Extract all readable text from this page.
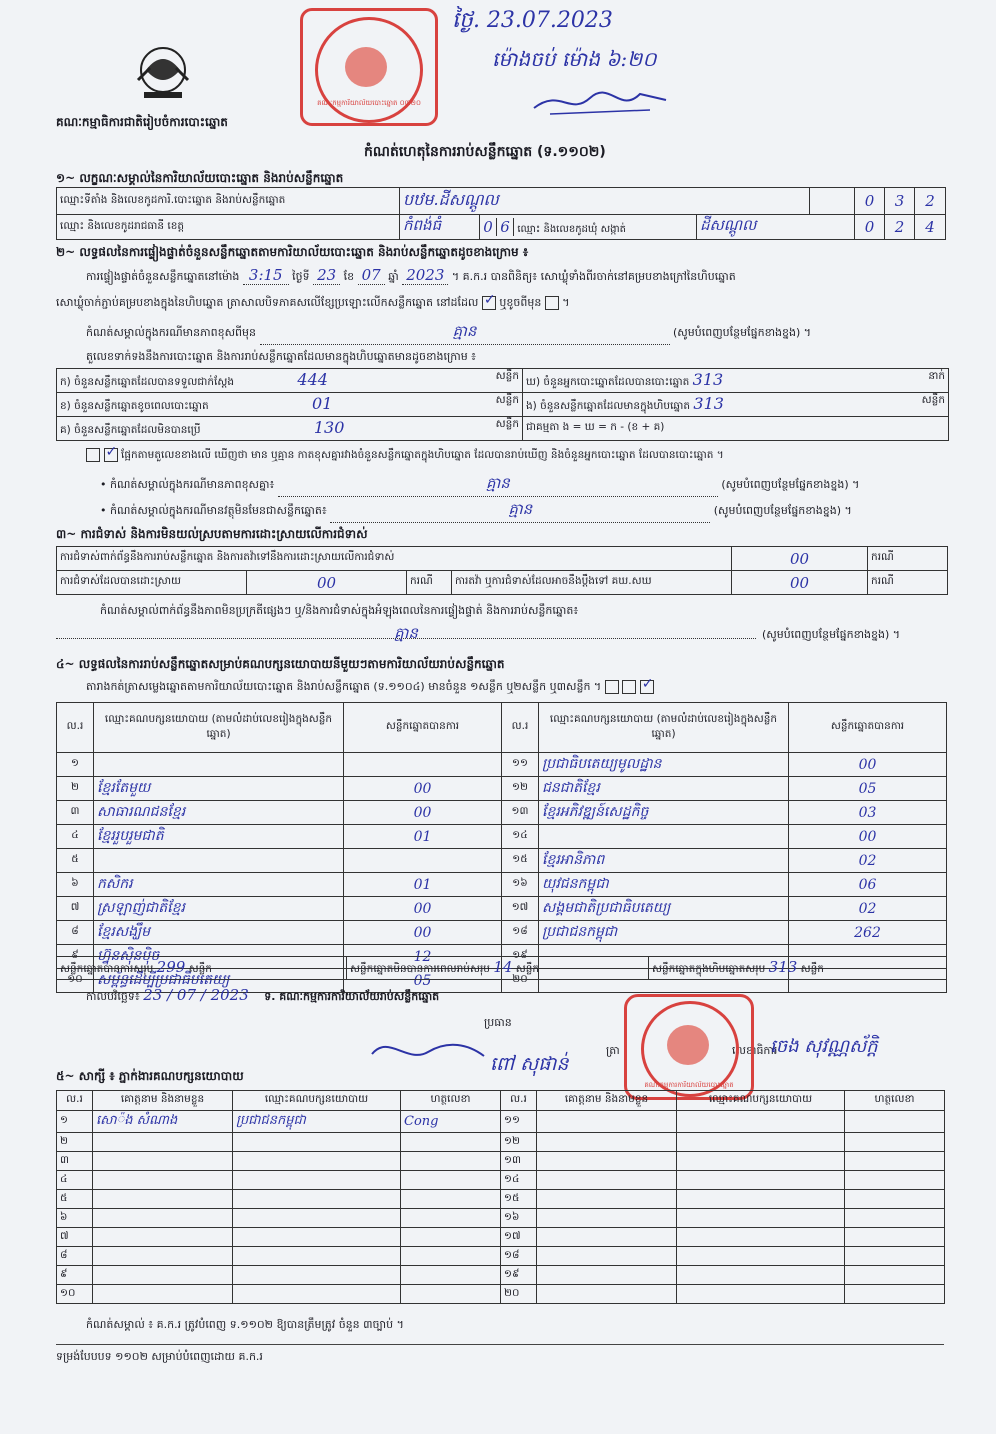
គណៈកម្មាធិការជាតិរៀបចំការបោះឆ្នោត
គណៈកម្មការិយាល័យបោះឆ្នោត ០៣២០
ថ្ងៃ. 23.07.2023
ម៉ោងចប់ ម៉ោង ៦:២០
កំណត់ហេតុនៃការរាប់សន្លឹកឆ្នោត (ទ.១១០២)
១~ លក្ខណៈសម្គាល់នៃការិយាល័យបោះឆ្នោត និងរាប់សន្លឹកឆ្នោត
ឈ្មោះទីតាំង និងលេខកូដការិ.បោះឆ្នោត និងរាប់សន្លឹកឆ្នោត	បឋម.ដីសណ្ដូល				0	3	2
ឈ្មោះ និងលេខកូដរាជធានី ខេត្ត	កំពង់ធំ	0 6 ឈ្មោះ និងលេខកូដឃុំ សង្កាត់	ដីសណ្ដូល		0	2	4
២~ លទ្ធផលនៃការផ្ទៀងផ្ទាត់ចំនួនសន្លឹកឆ្នោតតាមការិយាល័យបោះឆ្នោត និងរាប់សន្លឹកឆ្នោតដូចខាងក្រោម ៖
ការផ្ទៀងផ្ទាត់ចំនួនសន្លឹកឆ្នោតនៅម៉ោង 3:15 ថ្ងៃទី 23 ខែ 07 ឆ្នាំ 2023 ។ គ.ក.រ បានពិនិត្យ៖ សោឃ្លុំទាំងពីរចាក់នៅគម្របខាងក្រៅនៃហិបឆ្នោត
សោឃ្លុំចាក់ភ្ជាប់គម្របខាងក្នុងនៃហិបឆ្នោត ត្រាសាលបិទភាគសលើខ្សែប្រឡោះលើកសន្លឹកឆ្នោត នៅដដែល ✓ ឬខូចពីមុន  ។
កំណត់សម្គាល់ក្នុងករណីមានភាពខុសពីមុន	គ្មាន	(សូមបំពេញបន្ថែមផ្នែកខាងខ្នង) ។
តួលេខទាក់ទងនឹងការបោះឆ្នោត និងការរាប់សន្លឹកឆ្នោតដែលមានក្នុងហិបឆ្នោតមានដូចខាងក្រោម ៖
ក) ចំនួនសន្លឹកឆ្នោតដែលបានទទួលជាក់ស្ដែង 444 សន្លឹក	ឃ) ចំនួនអ្នកបោះឆ្នោតដែលបានបោះឆ្នោត 313 នាក់

ខ) ចំនួនសន្លឹកឆ្នោតខូចពេលបោះឆ្នោត 01 សន្លឹក	ង) ចំនួនសន្លឹកឆ្នោតដែលមានក្នុងហិបឆ្នោត 313 សន្លឹក

គ) ចំនួនសន្លឹកឆ្នោតដែលមិនបានប្រើ 130 សន្លឹក	ជាគម្មតា ង = ឃ = ក - (ខ + គ)
✓ ផ្អែកតាមតួលេខខាងលើ ឃើញថា មាន ឬគ្មាន កាតខុសគ្នារវាងចំនួនសន្លឹកឆ្នោតក្នុងហិបឆ្នោត ដែលបានរាប់ឃើញ និងចំនួនអ្នកបោះឆ្នោត ដែលបានបោះឆ្នោត ។
• កំណត់សម្គាល់ក្នុងករណីមានភាពខុសគ្នា៖	គ្មាន	(សូមបំពេញបន្ថែមផ្នែកខាងខ្នង) ។
• កំណត់សម្គាល់ក្នុងករណីមានវត្ថុមិនមែនជាសន្លឹកឆ្នោត៖	គ្មាន	(សូមបំពេញបន្ថែមផ្នែកខាងខ្នង) ។
៣~ ការជំទាស់ និងការមិនយល់ស្របតាមការដោះស្រាយលើការជំទាស់
ការជំទាស់ពាក់ព័ន្ធនឹងការរាប់សន្លឹកឆ្នោត និងការតវ៉ាទៅនឹងការដោះស្រាយលើការជំទាស់				00	ករណី
ការជំទាស់ដែលបានដោះស្រាយ	00	ករណី	ការតវ៉ា ឬការជំទាស់ដែលអាចនឹងប្ដឹងទៅ គឃ.សឃ	00	ករណី
កំណត់សម្គាល់ពាក់ព័ន្ធនឹងភាពមិនប្រក្រតីផ្សេងៗ ឬ/និងការជំទាស់ក្នុងអំឡុងពេលនៃការផ្ទៀងផ្ទាត់ និងការរាប់សន្លឹកឆ្នោត៖
គ្មាន	(សូមបំពេញបន្ថែមផ្នែកខាងខ្នង) ។
៤~ លទ្ធផលនៃការរាប់សន្លឹកឆ្នោតសម្រាប់គណបក្សនយោបាយនីមួយៗតាមការិយាល័យរាប់សន្លឹកឆ្នោត
តារាងកត់ត្រាសម្លេងឆ្នោតតាមការិយាល័យបោះឆ្នោត និងរាប់សន្លឹកឆ្នោត (ទ.១១០៤) មានចំនួន ១សន្លឹក ឬ២សន្លឹក ឬ៣សន្លឹក ។   ✓
ល.រ	ឈ្មោះគណបក្សនយោបាយ (តាមលំដាប់លេខរៀងក្នុងសន្លឹកឆ្នោត)	សន្លឹកឆ្នោតបានការ	ល.រ	ឈ្មោះគណបក្សនយោបាយ (តាមលំដាប់លេខរៀងក្នុងសន្លឹកឆ្នោត)	សន្លឹកឆ្នោតបានការ
១			១១	ប្រជាធិបតេយ្យមូលដ្ឋាន	00
២	ខ្មែរតែមួយ	00	១២	ជនជាតិខ្មែរ	05
៣	សាធារណជនខ្មែរ	00	១៣	ខ្មែរអភិវឌ្ឍន៍សេដ្ឋកិច្ច	03
៤	ខ្មែររួបរួមជាតិ	01	១៤		00
៥			១៥	ខ្មែរអានិភាព	02
៦	កសិករ	01	១៦	យុវជនកម្ពុជា	06
៧	ស្រឡាញ់ជាតិខ្មែរ	00	១៧	សង្គមជាតិប្រជាធិបតេយ្យ	02
៨	ខ្មែរសង្ឃឹម	00	១៨	ប្រជាជនកម្ពុជា	262
៩	ហ្វ៊ុនស៊ិនប៉ិច	12	១៩		
១០	សម្ព័ន្ធដើម្បីប្រជាធិបតេយ្យ	05	២០		
សន្លឹកឆ្នោតបានការសរុប 299 សន្លឹក	សន្លឹកឆ្នោតមិនបានការពេលរាប់សរុប 14 សន្លឹក	សន្លឹកឆ្នោតក្នុងហិបឆ្នោតសរុប 313 សន្លឹក
កាលបរិច្ឆេទ៖ 23 / 07 / 2023 ទ. គណៈកម្មការការិយាល័យរាប់សន្លឹកឆ្នោត
ប្រធាន
ពៅ សុផាន់
ត្រា	លេខាធិការ
ចេង សុវណ្ណស័ក្ដិ
គណៈកម្មការការិយាល័យបោះឆ្នោត
៥~ សាក្សី ៖ ភ្នាក់ងារគណបក្សនយោបាយ
ល.រ	គោត្តនាម និងនាមខ្លួន	ឈ្មោះគណបក្សនយោបាយ	ហត្ថលេខា	ល.រ	គោត្តនាម និងនាមខ្លួន	ឈ្មោះគណបក្សនយោបាយ	ហត្ថលេខា
១	សោ៉ង សំណាង	ប្រជាជនកម្ពុជា	Cong	១១			
២				១២			
៣				១៣			
៤				១៤			
៥				១៥			
៦				១៦			
៧				១៧			
៨				១៨			
៩				១៩			
១០				២០			
កំណត់សម្គាល់ ៖ គ.ក.រ ត្រូវបំពេញ ទ.១១០២ ឱ្យបានត្រឹមត្រូវ ចំនួន ៣ច្បាប់ ។
ទម្រង់បែបបទ ១១០២ សម្រាប់បំពេញដោយ គ.ក.រ
